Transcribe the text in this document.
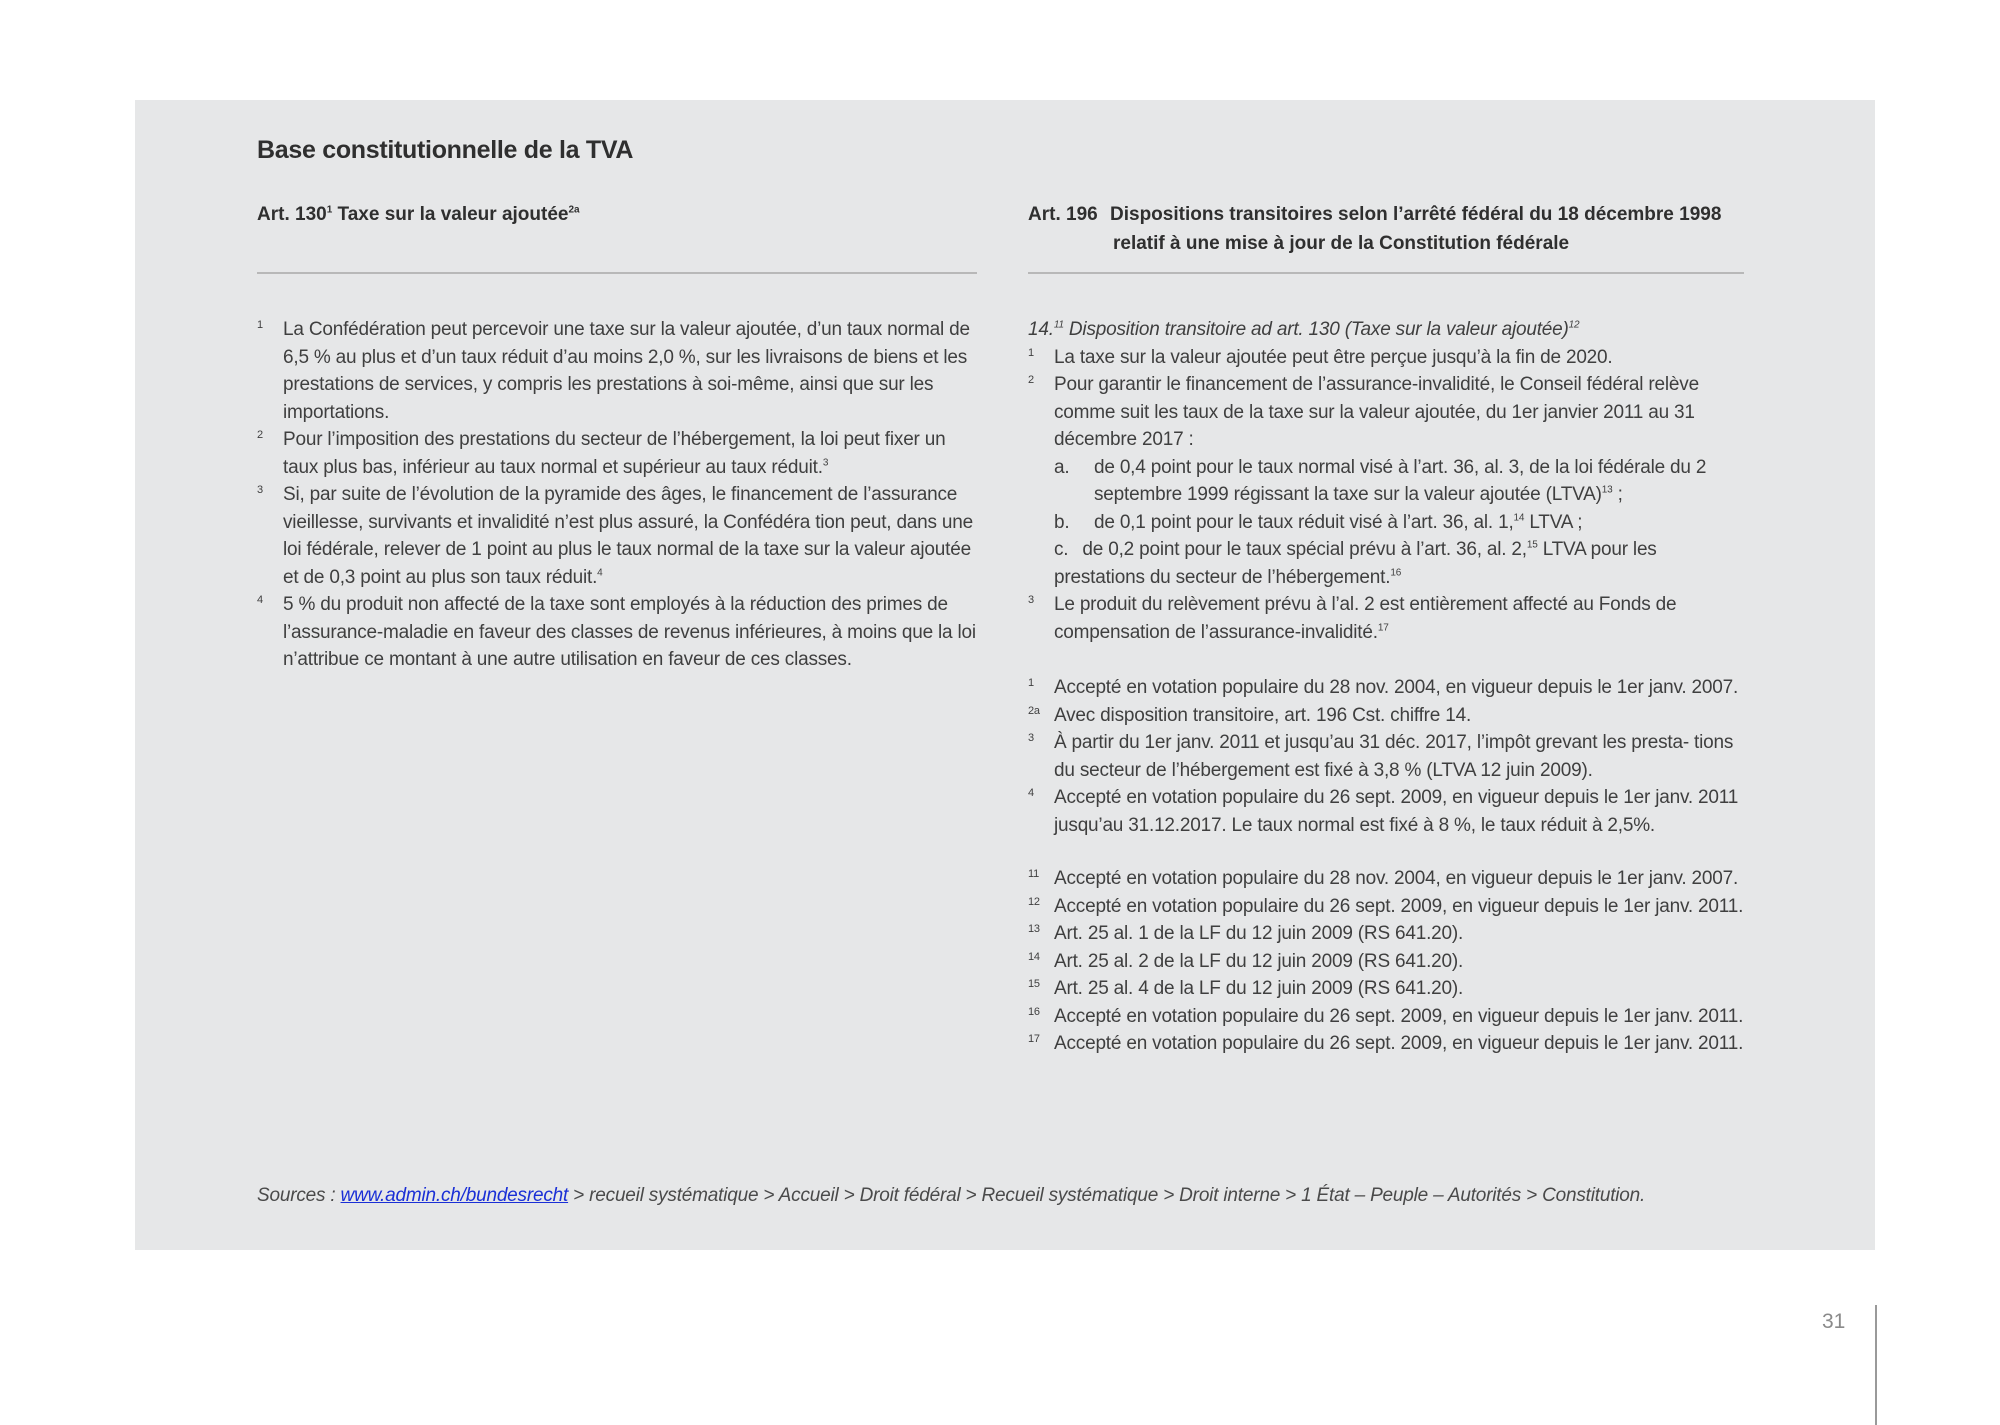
Base constitutionnelle de la TVA
Art. $130^1$ Taxe sur la valeur ajoutée$^{2a}$

1 La Confédération peut percevoir une taxe sur la valeur ajoutée, d’un taux normal de 6,5 % au plus et d’un taux réduit d’au moins 2,0 %, sur les livraisons de biens et les prestations de services, y compris les prestations à soi-même, ainsi que sur les importations.

2 Pour l’imposition des prestations du secteur de l’hébergement, la loi peut fixer un taux plus bas, inférieur au taux normal et supérieur au taux réduit.$^3$

3 Si, par suite de l’évolution de la pyramide des âges, le financement de l’assurance vieillesse, survivants et invalidité n’est plus assuré, la Confédéra tion peut, dans une loi fédérale, relever de 1 point au plus le taux normal de la taxe sur la valeur ajoutée et de 0,3 point au plus son taux réduit.$^4$

4 5 % du produit non affecté de la taxe sont employés à la réduction des primes de l’assurance-maladie en faveur des classes de revenus inférieures, à moins que la loi n’attribue ce montant à une autre utilisation en faveur de ces classes.

Art. 196 Dispositions transitoires selon l’arrêté fédéral du 18 décembre 1998
relatif à une mise à jour de la Constitution fédérale

14.11 Disposition transitoire ad art. 130 (Taxe sur la valeur ajoutée)$^{12}$

1 La taxe sur la valeur ajoutée peut être perçue jusqu’à la fin de 2020.

2 Pour garantir le financement de l’assurance-invalidité, le Conseil fédéral relève comme suit les taux de la taxe sur la valeur ajoutée, du 1er janvier 2011 au 31 décembre 2017 :

a. de 0,4 point pour le taux normal visé à l’art. 36, al. 3, de la loi fédérale du 2 septembre 1999 régissant la taxe sur la valeur ajoutée (LTVA)$^{13}$ ;

b. de 0,1 point pour le taux réduit visé à l’art. 36, al. 1,14 LTVA ;

c. de 0,2 point pour le taux spécial prévu à l’art. 36, al. 2,15 LTVA pour les prestations du secteur de l’hébergement.$^{16}$

3 Le produit du relèvement prévu à l’al. 2 est entièrement affecté au Fonds de compensation de l’assurance-invalidité.$^{17}$

1 Accepté en votation populaire du 28 nov. 2004, en vigueur depuis le 1er janv. 2007.

2a Avec disposition transitoire, art. 196 Cst. chiffre 14.

3 À partir du 1er janv. 2011 et jusqu’au 31 déc. 2017, l’impôt grevant les presta- tions du secteur de l’hébergement est fixé à 3,8 % (LTVA 12 juin 2009).

4 Accepté en votation populaire du 26 sept. 2009, en vigueur depuis le 1er janv. 2011 jusqu’au 31.12.2017. Le taux normal est fixé à 8 %, le taux réduit à 2,5%.

11 Accepté en votation populaire du 28 nov. 2004, en vigueur depuis le 1er janv. 2007.

12 Accepté en votation populaire du 26 sept. 2009, en vigueur depuis le 1er janv. 2011.

13 Art. 25 al. 1 de la LF du 12 juin 2009 (RS 641.20).

14 Art. 25 al. 2 de la LF du 12 juin 2009 (RS 641.20).

15 Art. 25 al. 4 de la LF du 12 juin 2009 (RS 641.20).

16 Accepté en votation populaire du 26 sept. 2009, en vigueur depuis le 1er janv. 2011.

17 Accepté en votation populaire du 26 sept. 2009, en vigueur depuis le 1er janv. 2011.

Sources : www.admin.ch/bundesrecht > recueil systématique > Accueil > Droit fédéral > Recueil systématique > Droit interne > 1 État – Peuple – Autorités > Constitution.
31
